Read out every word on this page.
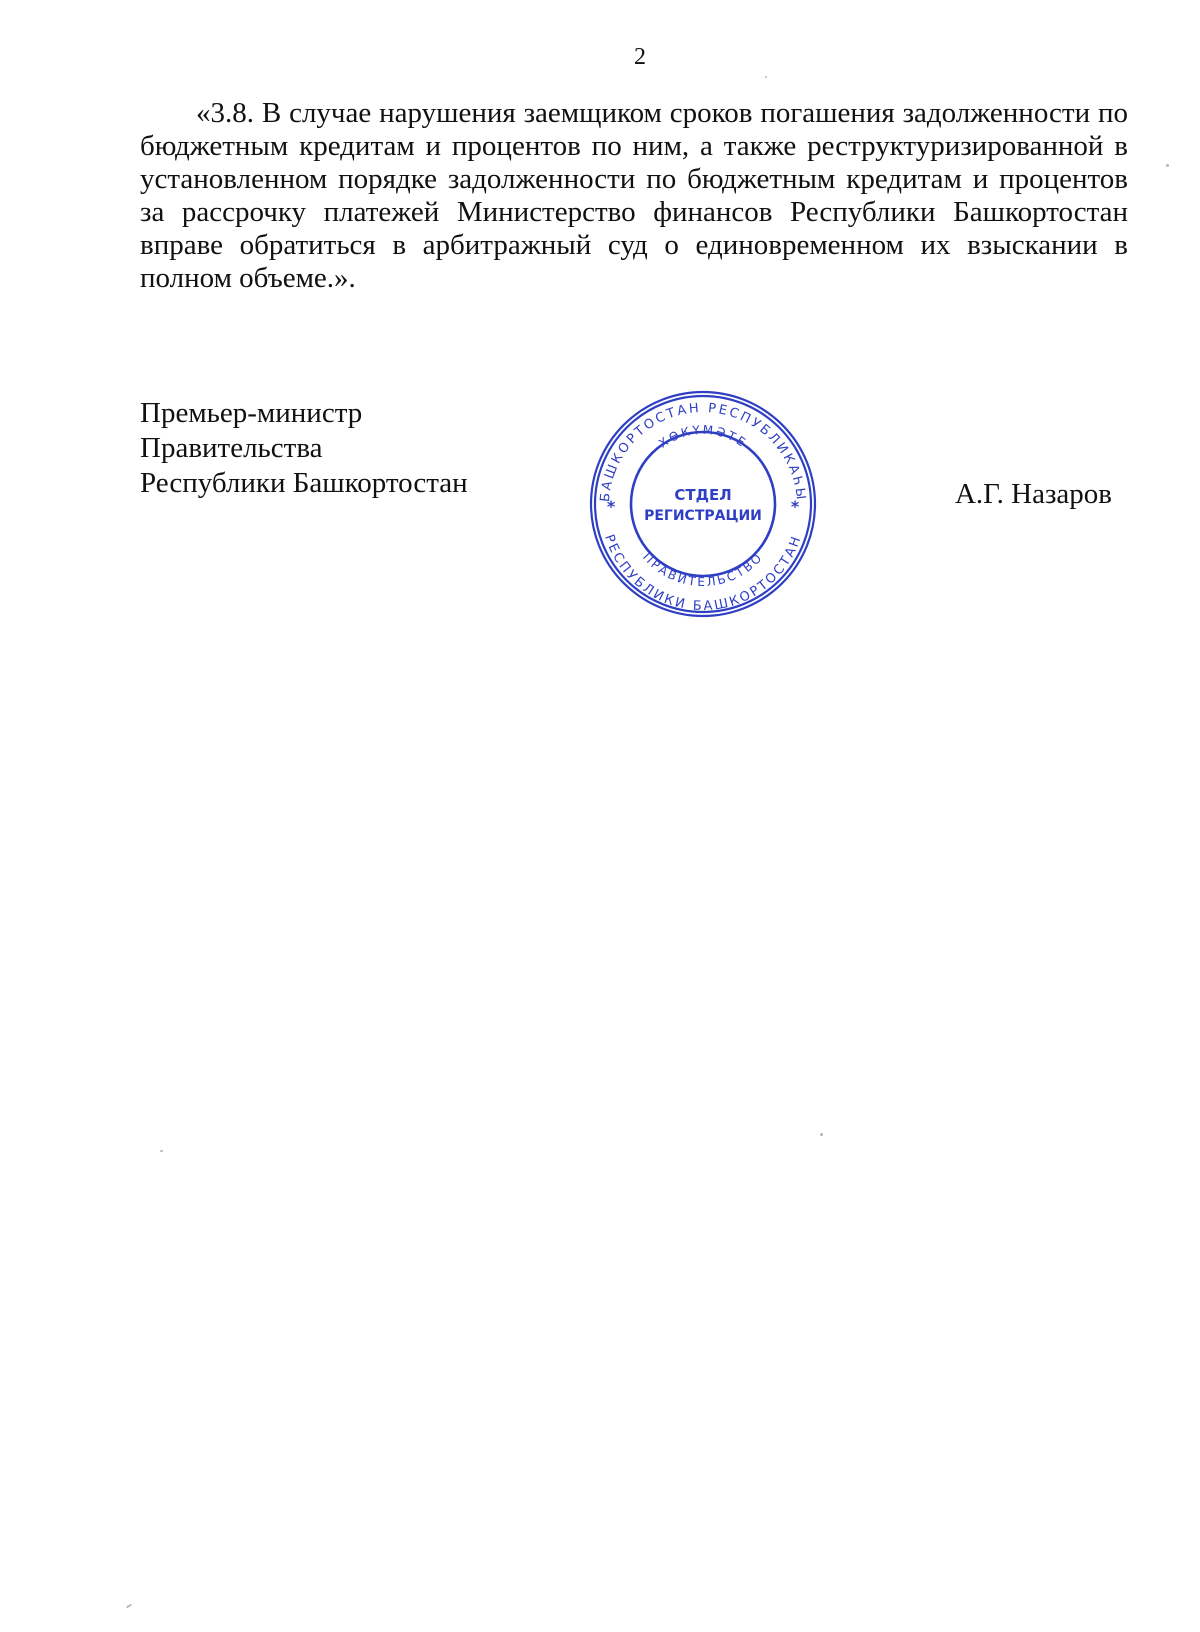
2

«3.8. В случае нарушения заемщиком сроков погашения задолженности по бюджетным кредитам и процентов по ним, а также реструктуризированной в установленном порядке задолженности по бюджетным кредитам и процентов за рассрочку платежей Министерство финансов Республики Башкортостан вправе обратиться в арбитражный суд о единовременном их взыскании в полном объеме.».

Премьер-министр
Правительства
Республики Башкортостан	А.Г. Назаров
БАШКОРТОСТАН РЕСПУБЛИКАҺЫ
РЕСПУБЛИКИ БАШКОРТОСТАН
ХӨКҮМӘТЕ
ПРАВИТЕЛЬСТВО
СТДЕЛ
РЕГИСТРАЦИИ
*	*
